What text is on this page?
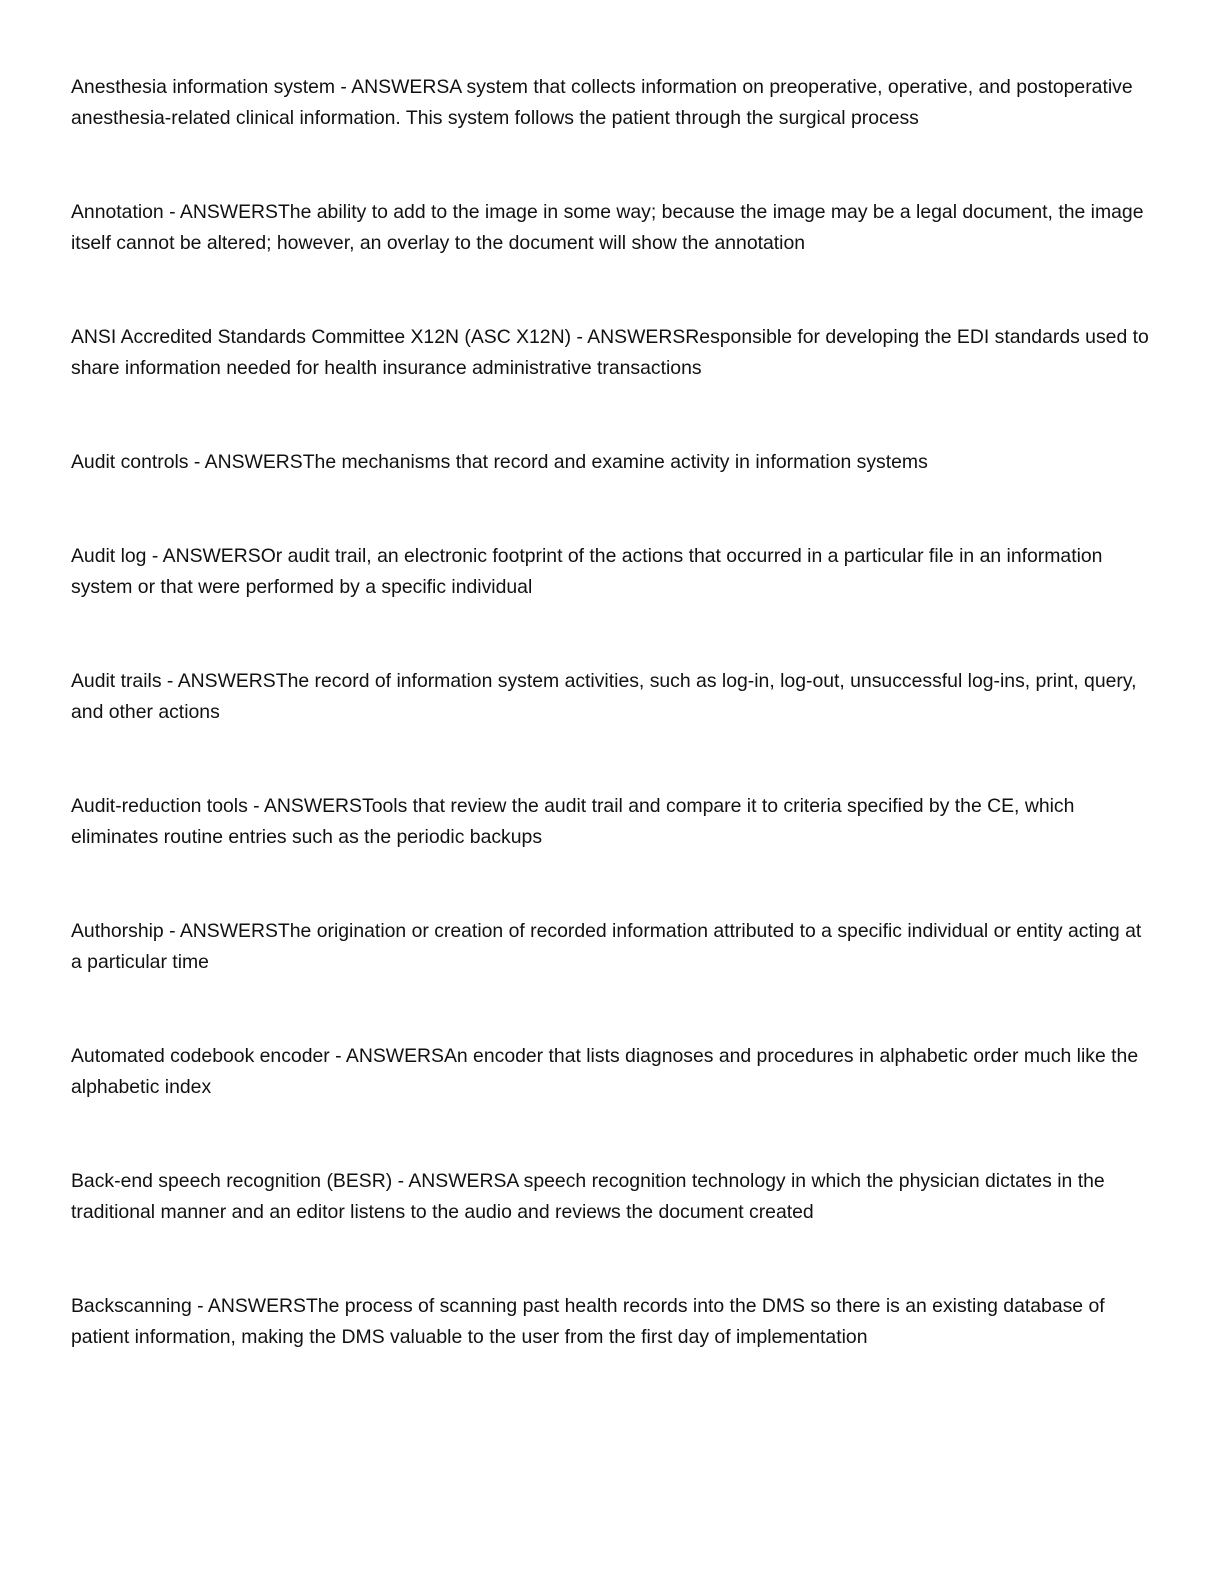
Anesthesia information system - ANSWERSA system that collects information on preoperative, operative, and postoperative anesthesia-related clinical information. This system follows the patient through the surgical process

Annotation - ANSWERSThe ability to add to the image in some way; because the image may be a legal document, the image itself cannot be altered; however, an overlay to the document will show the annotation

ANSI Accredited Standards Committee X12N (ASC X12N) - ANSWERSResponsible for developing the EDI standards used to share information needed for health insurance administrative transactions

Audit controls - ANSWERSThe mechanisms that record and examine activity in information systems

Audit log - ANSWERSOr audit trail, an electronic footprint of the actions that occurred in a particular file in an information system or that were performed by a specific individual

Audit trails - ANSWERSThe record of information system activities, such as log-in, log-out, unsuccessful log-ins, print, query, and other actions

Audit-reduction tools - ANSWERSTools that review the audit trail and compare it to criteria specified by the CE, which eliminates routine entries such as the periodic backups

Authorship - ANSWERSThe origination or creation of recorded information attributed to a specific individual or entity acting at a particular time

Automated codebook encoder - ANSWERSAn encoder that lists diagnoses and procedures in alphabetic order much like the alphabetic index

Back-end speech recognition (BESR) - ANSWERSA speech recognition technology in which the physician dictates in the traditional manner and an editor listens to the audio and reviews the document created

Backscanning - ANSWERSThe process of scanning past health records into the DMS so there is an existing database of patient information, making the DMS valuable to the user from the first day of implementation
